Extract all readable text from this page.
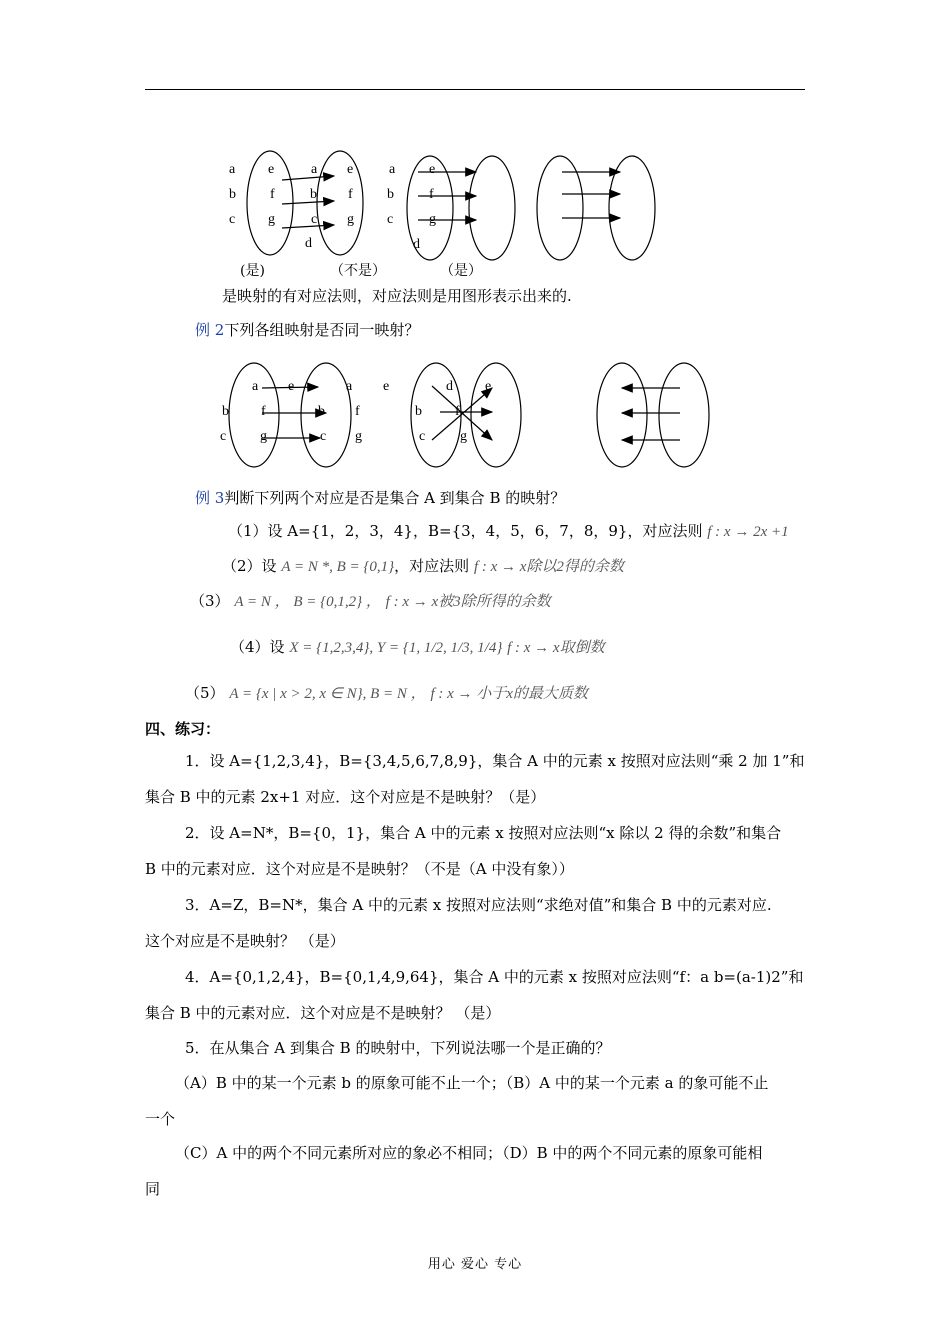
a
b
c
e
f
g
a
b
c
d
e
f
g
a
b
c
d
e
f
g
(是)	（不是）	（是）
是映射的有对应法则，对应法则是用图形表示出来的.
例 2下列各组映射是否同一映射？
a e	a e
b f	b f
c g	c g
d e
b f
c g
例 3判断下列两个对应是否是集合 A 到集合 B 的映射？
（1）设 A={1，2，3，4}，B={3，4，5，6，7，8，9}，对应法则 f : x → 2x +1
（2）设 A = N *, B = {0,1}，对应法则 f : x → x除以2得的余数
（3） A = N ， B = {0,1,2} ， f : x → x被3除所得的余数
（4）设 X = {1,2,3,4}, Y = {1, 1/2, 1/3, 1/4} f : x → x取倒数
（5） A = {x | x > 2, x ∈ N}, B = N ， f : x → 小于x的最大质数
四、练习：
1．设 A={1,2,3,4}，B={3,4,5,6,7,8,9}，集合 A 中的元素 x 按照对应法则“乘 2 加 1”和
集合 B 中的元素 2x+1 对应．这个对应是不是映射？（是）
2．设 A=N*，B={0，1}，集合 A 中的元素 x 按照对应法则“x 除以 2 得的余数”和集合
B 中的元素对应．这个对应是不是映射？（不是（A 中没有象））
3．A=Z，B=N*，集合 A 中的元素 x 按照对应法则“求绝对值”和集合 B 中的元素对应.
这个对应是不是映射？ （是）
4．A={0,1,2,4}，B={0,1,4,9,64}，集合 A 中的元素 x 按照对应法则“f：a b=(a-1)2”和
集合 B 中的元素对应．这个对应是不是映射？ （是）
5．在从集合 A 到集合 B 的映射中，下列说法哪一个是正确的？
（A）B 中的某一个元素 b 的原象可能不止一个；（B）A 中的某一个元素 a 的象可能不止
一个
（C）A 中的两个不同元素所对应的象必不相同；（D）B 中的两个不同元素的原象可能相
同
用心 爱心 专心
